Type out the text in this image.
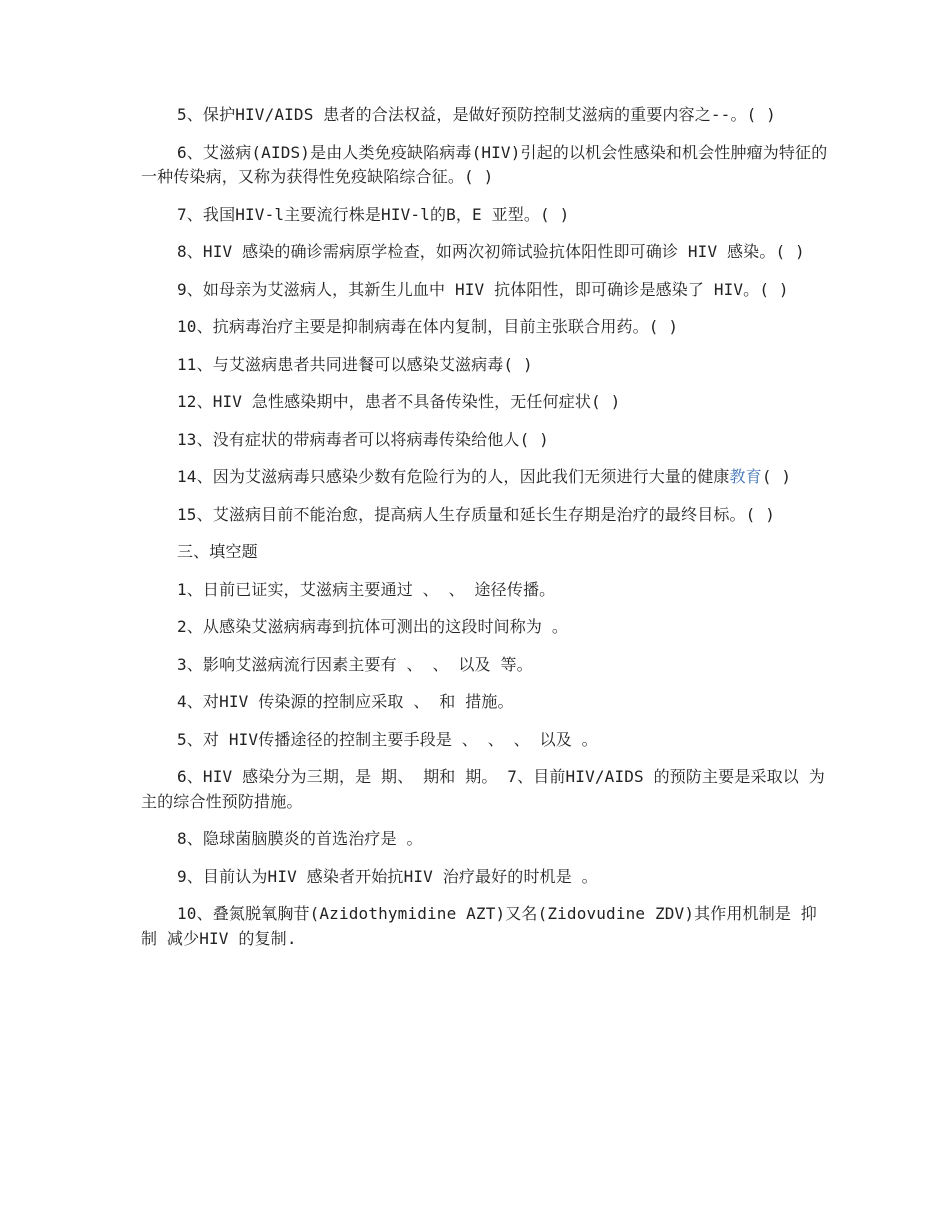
5、保护HIV/AIDS 患者的合法权益，是做好预防控制艾滋病的重要内容之--。( )

6、艾滋病(AIDS)是由人类免疫缺陷病毒(HIV)引起的以机会性感染和机会性肿瘤为特征的一种传染病，又称为获得性免疫缺陷综合征。( )

7、我国HIV-l主要流行株是HIV-l的B，E 亚型。( )

8、HIV 感染的确诊需病原学检查，如两次初筛试验抗体阳性即可确诊 HIV 感染。( )

9、如母亲为艾滋病人，其新生儿血中 HIV 抗体阳性，即可确诊是感染了 HIV。( )

10、抗病毒治疗主要是抑制病毒在体内复制，目前主张联合用药。( )

11、与艾滋病患者共同进餐可以感染艾滋病毒( )

12、HIV 急性感染期中，患者不具备传染性，无任何症状( )

13、没有症状的带病毒者可以将病毒传染给他人( )

14、因为艾滋病毒只感染少数有危险行为的人，因此我们无须进行大量的健康教育( )

15、艾滋病目前不能治愈，提高病人生存质量和延长生存期是治疗的最终目标。( )

三、填空题

1、日前已证实，艾滋病主要通过 、 、 途径传播。

2、从感染艾滋病病毒到抗体可测出的这段时间称为 。

3、影响艾滋病流行因素主要有 、 、 以及 等。

4、对HIV 传染源的控制应采取 、 和 措施。

5、对 HIV传播途径的控制主要手段是 、 、 、 以及 。

6、HIV 感染分为三期，是 期、 期和 期。 7、目前HIV/AIDS 的预防主要是采取以 为主的综合性预防措施。

8、隐球菌脑膜炎的首选治疗是 。

9、目前认为HIV 感染者开始抗HIV 治疗最好的时机是 。

10、叠氮脱氧胸苷(Azidothymidine AZT)又名(Zidovudine ZDV)其作用机制是 抑制 减少HIV 的复制.
